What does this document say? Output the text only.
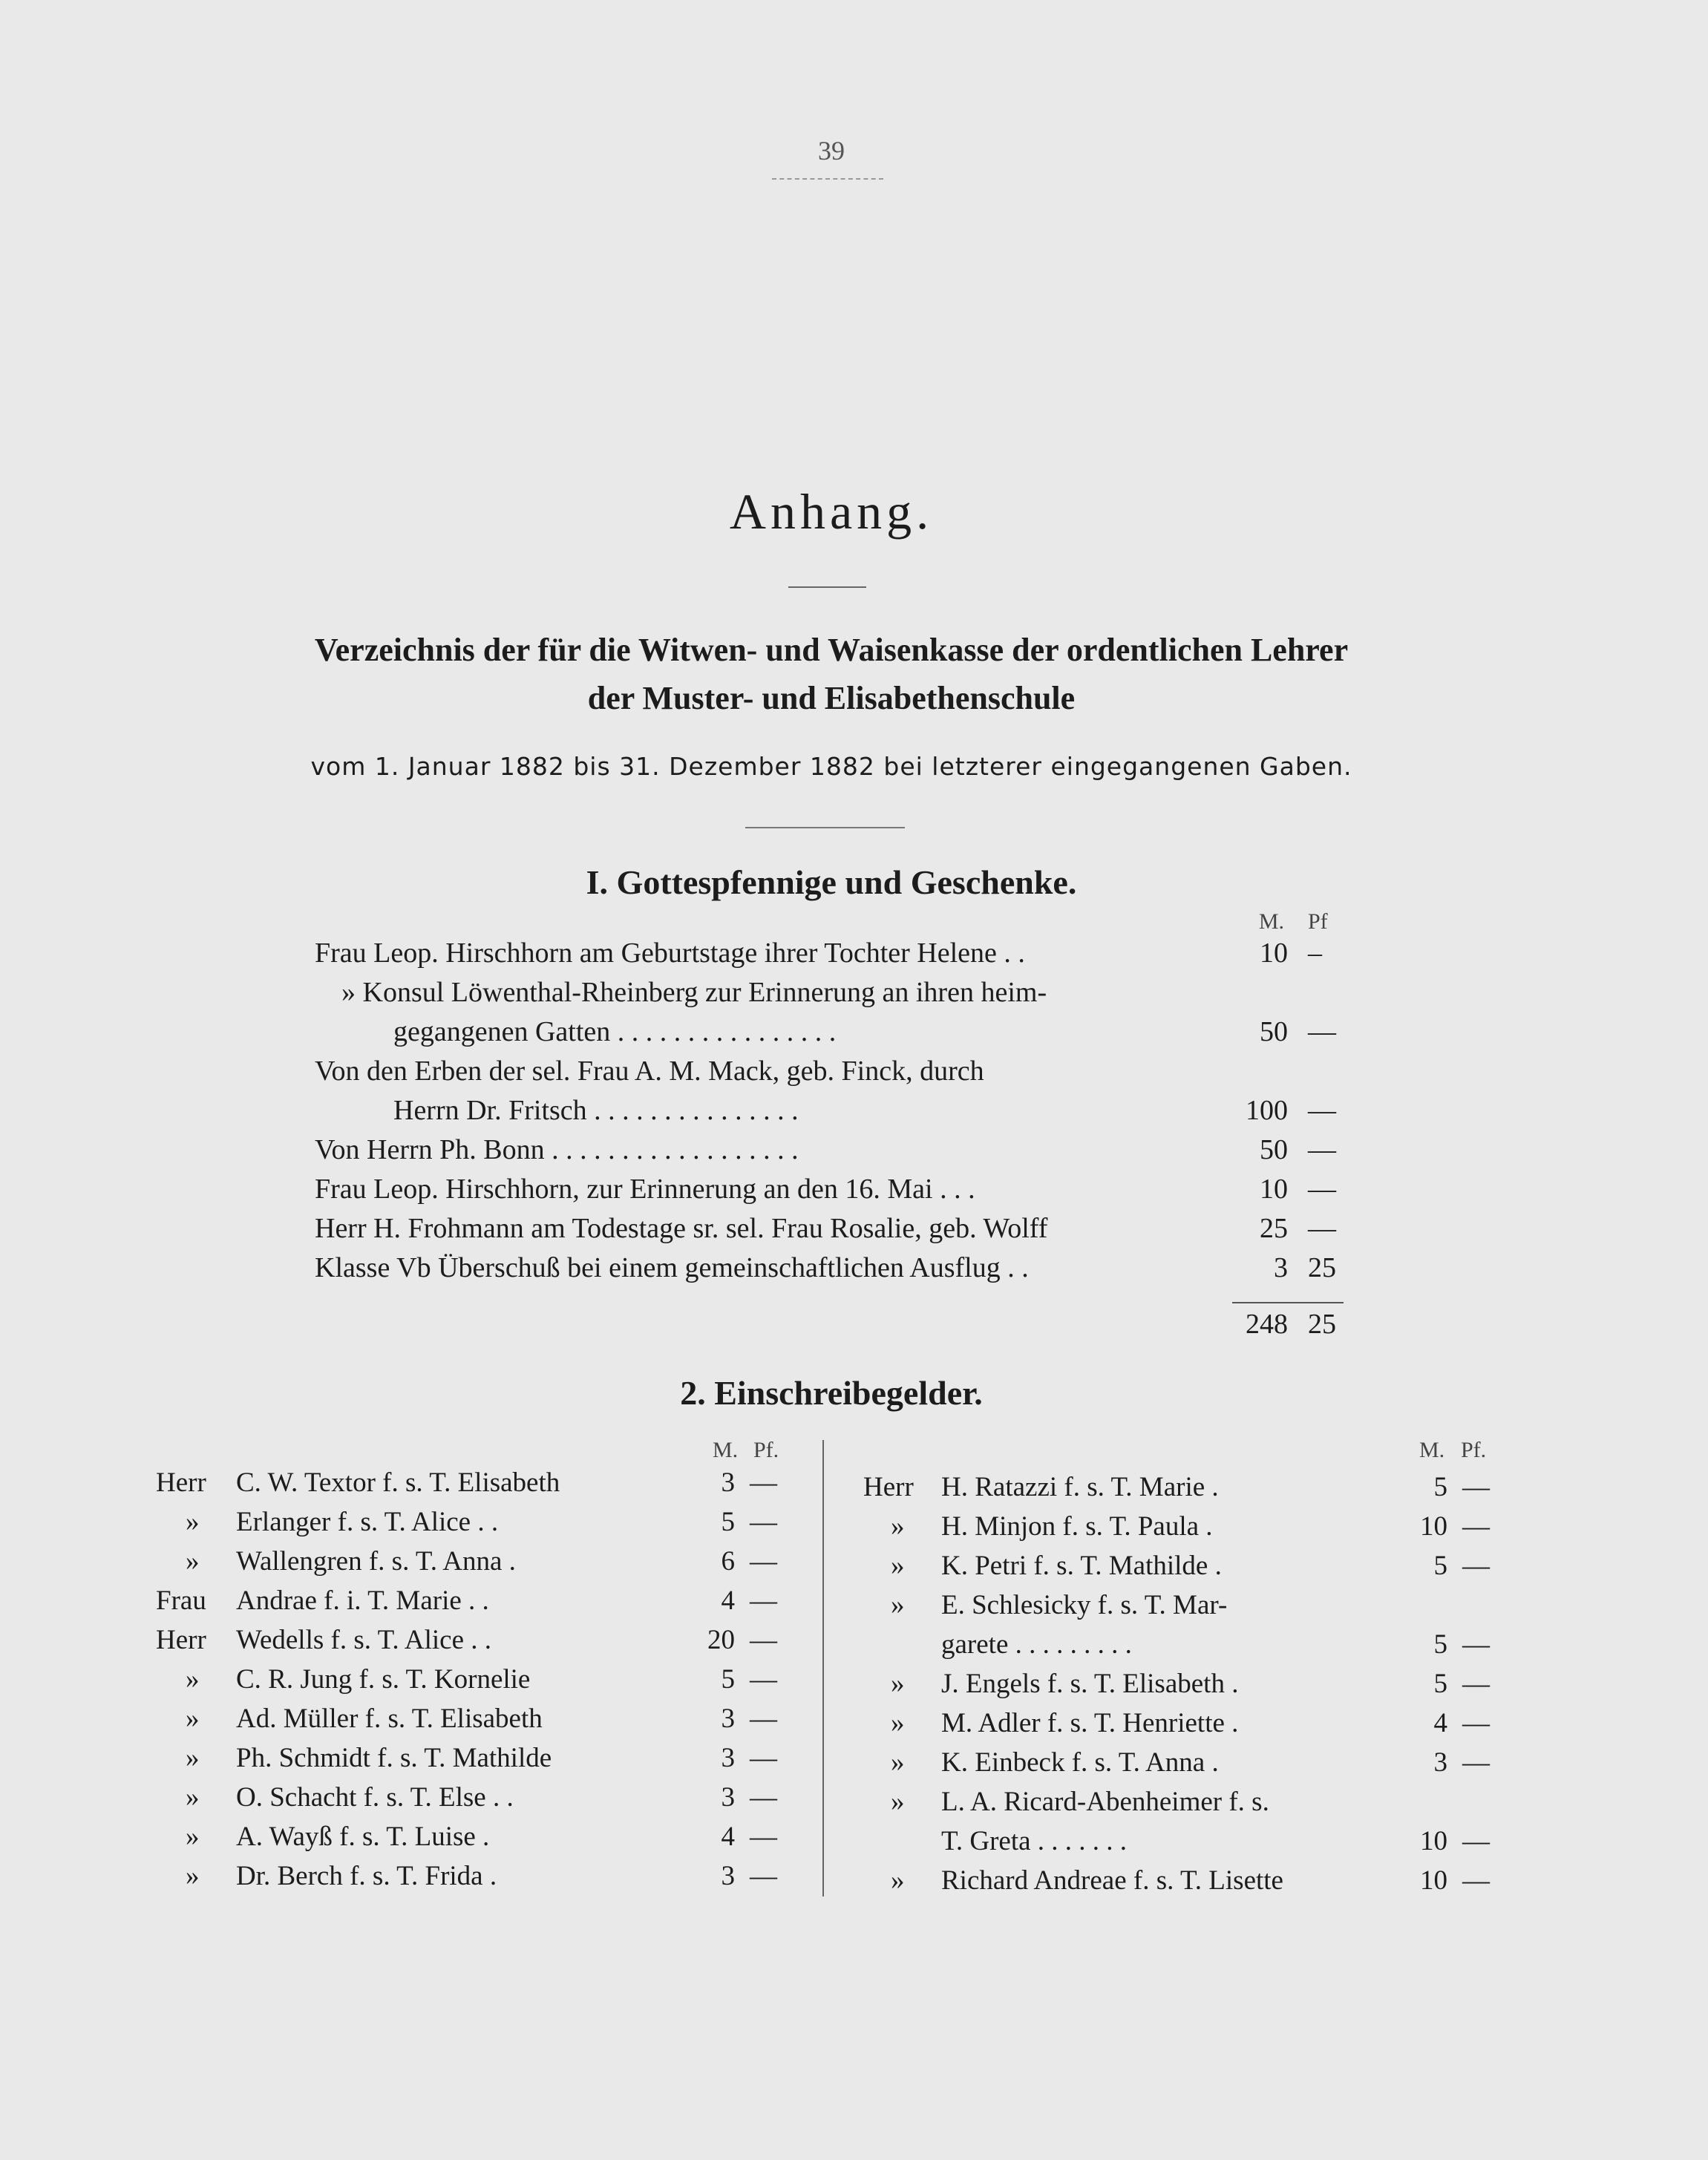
39
Anhang.
Verzeichnis der für die Witwen- und Waisenkasse der ordentlichen Lehrer
der Muster- und Elisabethenschule
vom 1. Januar 1882 bis 31. Dezember 1882 bei letzterer eingegangenen Gaben.
I. Gottespfennige und Geschenke.
M. Pf
Frau Leop. Hirschhorn am Geburtstage ihrer Tochter Helene . .	10 –
» Konsul Löwenthal-Rheinberg zur Erinnerung an ihren heim-
gegangenen Gatten . . . . . . . . . . . . . . . .	50 —
Von den Erben der sel. Frau A. M. Mack, geb. Finck, durch
Herrn Dr. Fritsch . . . . . . . . . . . . . . .	100 —
Von Herrn Ph. Bonn . . . . . . . . . . . . . . . . . .	50 —
Frau Leop. Hirschhorn, zur Erinnerung an den 16. Mai . . .	10 —
Herr H. Frohmann am Todestage sr. sel. Frau Rosalie, geb. Wolff	25 —
Klasse Vb Überschuß bei einem gemeinschaftlichen Ausflug . .	3 25
248 25
2. Einschreibegelder.
M. Pf.	M. Pf.
Herr C. W. Textor f. s. T. Elisabeth	3 —
» Erlanger f. s. T. Alice . .	5 —
» Wallengren f. s. T. Anna .	6 —
Frau Andrae f. i. T. Marie . .	4 —
Herr Wedells f. s. T. Alice . .	20 —
» C. R. Jung f. s. T. Kornelie	5 —
» Ad. Müller f. s. T. Elisabeth	3 —
» Ph. Schmidt f. s. T. Mathilde	3 —
» O. Schacht f. s. T. Else . .	3 —
» A. Wayß f. s. T. Luise .	4 —
» Dr. Berch f. s. T. Frida .	3 —
Herr H. Ratazzi f. s. T. Marie .	5 —
» H. Minjon f. s. T. Paula .	10 —
» K. Petri f. s. T. Mathilde .	5 —
» E. Schlesicky f. s. T. Mar-
garete . . . . . . . . .	5 —
» J. Engels f. s. T. Elisabeth .	5 —
» M. Adler f. s. T. Henriette .	4 —
» K. Einbeck f. s. T. Anna .	3 —
» L. A. Ricard-Abenheimer f. s.
T. Greta . . . . . . .	10 —
» Richard Andreae f. s. T. Lisette	10 —
